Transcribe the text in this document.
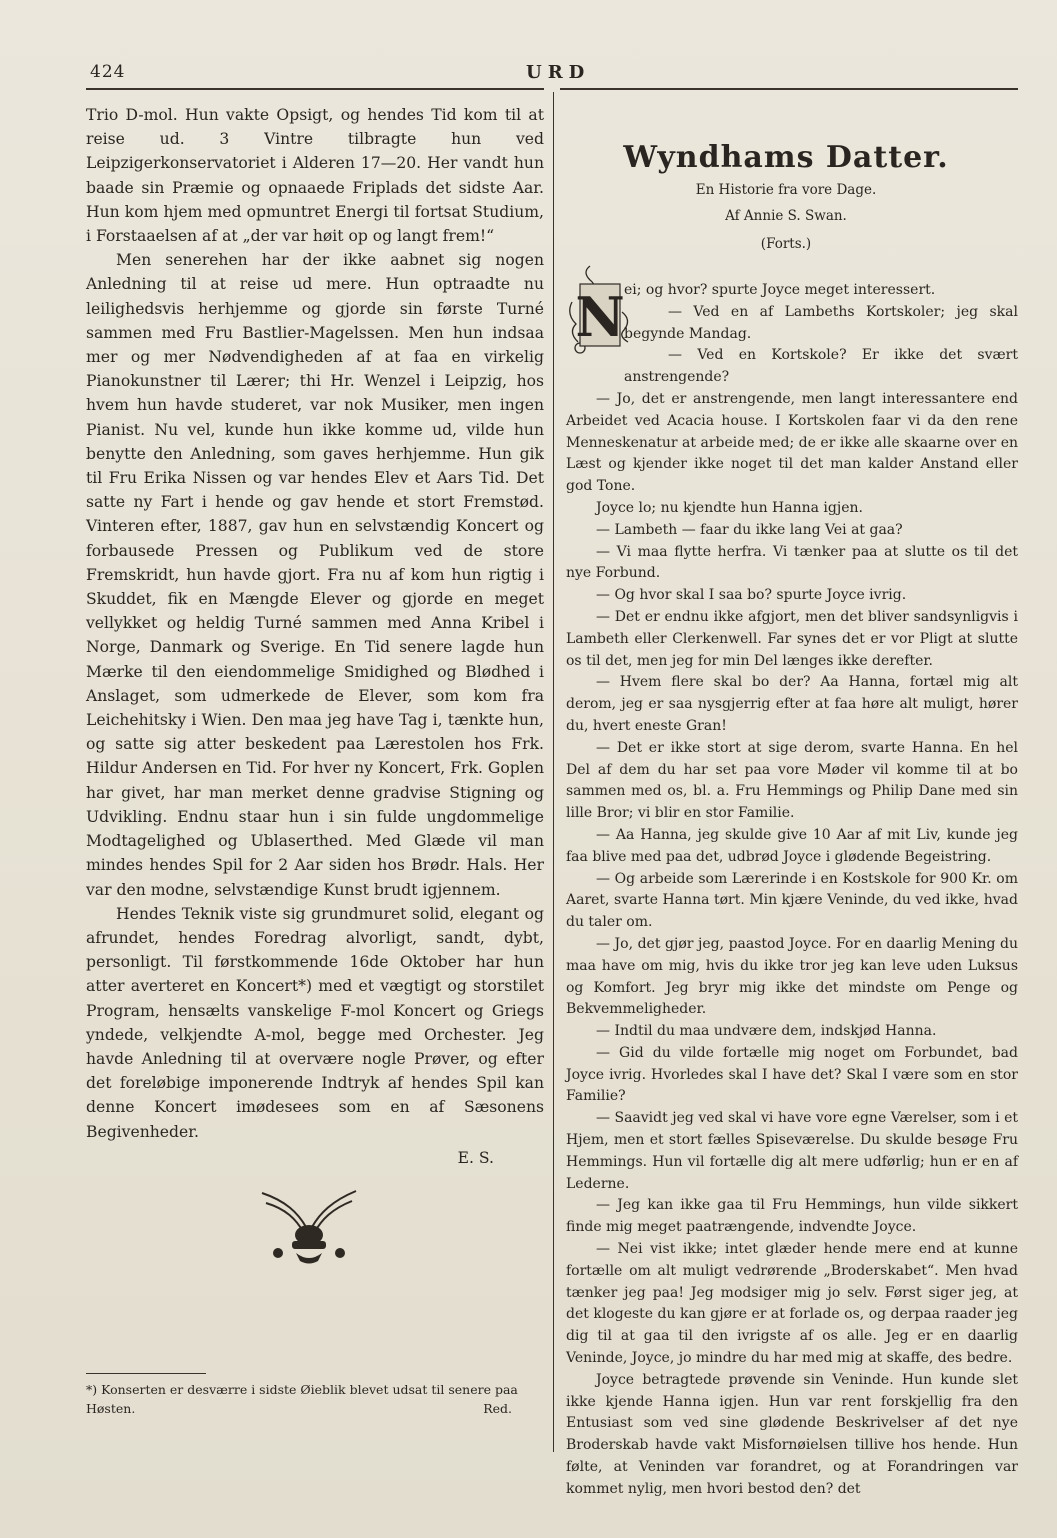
424	URD

Trio D-mol. Hun vakte Opsigt, og hendes Tid kom til at reise ud. 3 Vintre tilbragte hun ved Leipzigerkonservatoriet i Alderen 17—20. Her vandt hun baade sin Præmie og opnaaede Friplads det sidste Aar. Hun kom hjem med opmuntret Energi til fortsat Studium, i Forstaaelsen af at „der var høit op og langt frem!“

Men senerehen har der ikke aabnet sig nogen Anledning til at reise ud mere. Hun optraadte nu leilighedsvis herhjemme og gjorde sin første Turné sammen med Fru Bastlier-Magelssen. Men hun indsaa mer og mer Nødvendigheden af at faa en virkelig Pianokunstner til Lærer; thi Hr. Wenzel i Leipzig, hos hvem hun havde studeret, var nok Musiker, men ingen Pianist. Nu vel, kunde hun ikke komme ud, vilde hun benytte den Anledning, som gaves herhjemme. Hun gik til Fru Erika Nissen og var hendes Elev et Aars Tid. Det satte ny Fart i hende og gav hende et stort Fremstød. Vinteren efter, 1887, gav hun en selvstændig Koncert og forbausede Pressen og Publikum ved de store Fremskridt, hun havde gjort. Fra nu af kom hun rigtig i Skuddet, fik en Mængde Elever og gjorde en meget vellykket og heldig Turné sammen med Anna Kribel i Norge, Danmark og Sverige. En Tid senere lagde hun Mærke til den eiendommelige Smidighed og Blødhed i Anslaget, som udmerkede de Elever, som kom fra Leichehitsky i Wien. Den maa jeg have Tag i, tænkte hun, og satte sig atter beskedent paa Lærestolen hos Frk. Hildur Andersen en Tid. For hver ny Koncert, Frk. Goplen har givet, har man merket denne gradvise Stigning og Udvikling. Endnu staar hun i sin fulde ungdommelige Modtagelighed og Ublaserthed. Med Glæde vil man mindes hendes Spil for 2 Aar siden hos Brødr. Hals. Her var den modne, selvstændige Kunst brudt igjennem.

Hendes Teknik viste sig grundmuret solid, elegant og afrundet, hendes Foredrag alvorligt, sandt, dybt, personligt. Til førstkommende 16de Oktober har hun atter averteret en Koncert*) med et vægtigt og storstilet Program, hensælts vanskelige F-mol Koncert og Griegs yndede, velkjendte A-mol, begge med Orchester. Jeg havde Anledning til at overvære nogle Prøver, og efter det foreløbige imponerende Indtryk af hendes Spil kan denne Koncert imødesees som en af Sæsonens Begivenheder.

E. S.
*) Konserten er desværre i sidste Øieblik blevet udsat til senere paa Høsten.	Red.
Wyndhams Datter.
En Historie fra vore Dage.
Af Annie S. Swan.
(Forts.)
N ei; og hvor? spurte Joyce meget interessert.

— Ved en af Lambeths Kortskoler; jeg skal begynde Mandag.

— Ved en Kortskole? Er ikke det svært anstrengende?

— Jo, det er anstrengende, men langt interessantere end Arbeidet ved Acacia house. I Kortskolen faar vi da den rene Menneskenatur at arbeide med; de er ikke alle skaarne over en Læst og kjender ikke noget til det man kalder Anstand eller god Tone.

Joyce lo; nu kjendte hun Hanna igjen.

— Lambeth — faar du ikke lang Vei at gaa?

— Vi maa flytte herfra. Vi tænker paa at slutte os til det nye Forbund.

— Og hvor skal I saa bo? spurte Joyce ivrig.

— Det er endnu ikke afgjort, men det bliver sandsynligvis i Lambeth eller Clerkenwell. Far synes det er vor Pligt at slutte os til det, men jeg for min Del længes ikke derefter.

— Hvem flere skal bo der? Aa Hanna, fortæl mig alt derom, jeg er saa nysgjerrig efter at faa høre alt muligt, hører du, hvert eneste Gran!

— Det er ikke stort at sige derom, svarte Hanna. En hel Del af dem du har set paa vore Møder vil komme til at bo sammen med os, bl. a. Fru Hemmings og Philip Dane med sin lille Bror; vi blir en stor Familie.

— Aa Hanna, jeg skulde give 10 Aar af mit Liv, kunde jeg faa blive med paa det, udbrød Joyce i glødende Begeistring.

— Og arbeide som Lærerinde i en Kostskole for 900 Kr. om Aaret, svarte Hanna tørt. Min kjære Veninde, du ved ikke, hvad du taler om.

— Jo, det gjør jeg, paastod Joyce. For en daarlig Mening du maa have om mig, hvis du ikke tror jeg kan leve uden Luksus og Komfort. Jeg bryr mig ikke det mindste om Penge og Bekvemmeligheder.

— Indtil du maa undvære dem, indskjød Hanna.

— Gid du vilde fortælle mig noget om Forbundet, bad Joyce ivrig. Hvorledes skal I have det? Skal I være som en stor Familie?

— Saavidt jeg ved skal vi have vore egne Værelser, som i et Hjem, men et stort fælles Spiseværelse. Du skulde besøge Fru Hemmings. Hun vil fortælle dig alt mere udførlig; hun er en af Lederne.

— Jeg kan ikke gaa til Fru Hemmings, hun vilde sikkert finde mig meget paatrængende, indvendte Joyce.

— Nei vist ikke; intet glæder hende mere end at kunne fortælle om alt muligt vedrørende „Broderskabet“. Men hvad tænker jeg paa! Jeg modsiger mig jo selv. Først siger jeg, at det klogeste du kan gjøre er at forlade os, og derpaa raader jeg dig til at gaa til den ivrigste af os alle. Jeg er en daarlig Veninde, Joyce, jo mindre du har med mig at skaffe, des bedre.

Joyce betragtede prøvende sin Veninde. Hun kunde slet ikke kjende Hanna igjen. Hun var rent forskjellig fra den Entusiast som ved sine glødende Beskrivelser af det nye Broderskab havde vakt Misfornøielsen tillive hos hende. Hun følte, at Veninden var forandret, og at Forandringen var kommet nylig, men hvori bestod den? det
